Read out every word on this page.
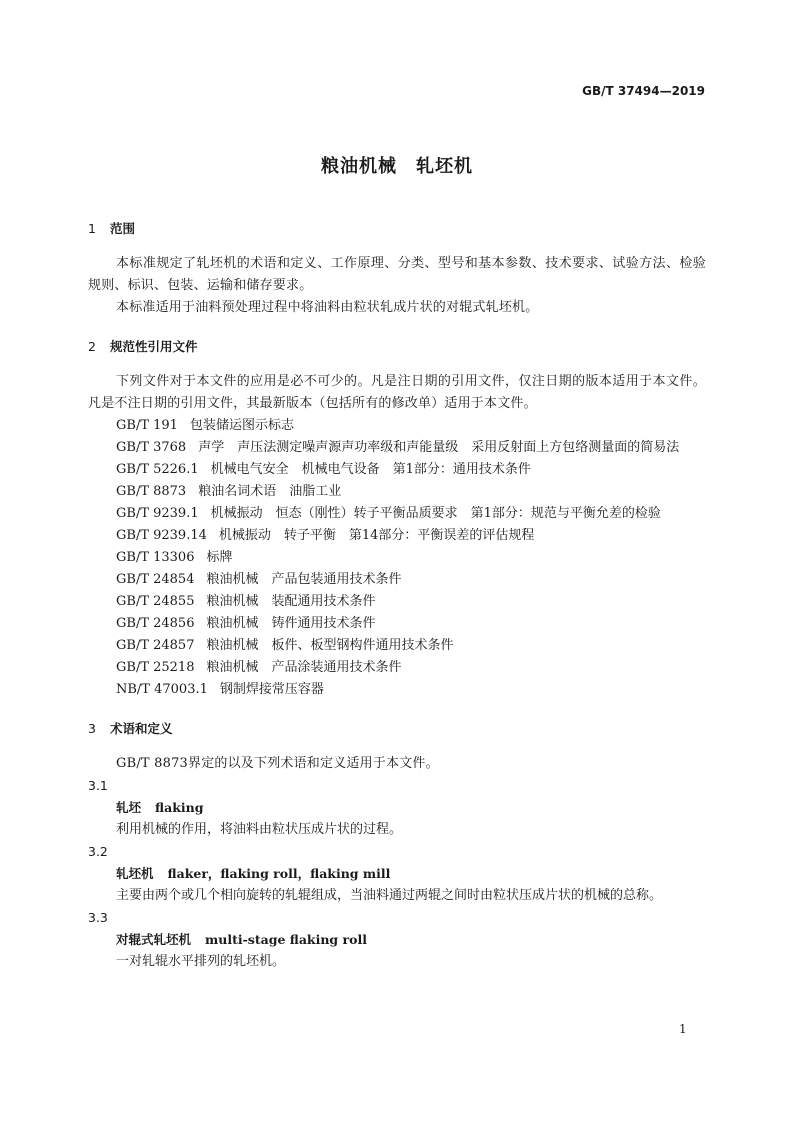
GB/T 37494—2019
粮油机械　轧坯机

1 范围

本标准规定了轧坯机的术语和定义、工作原理、分类、型号和基本参数、技术要求、试验方法、检验规则、标识、包装、运输和储存要求。

本标准适用于油料预处理过程中将油料由粒状轧成片状的对辊式轧坯机。

2 规范性引用文件

下列文件对于本文件的应用是必不可少的。凡是注日期的引用文件，仅注日期的版本适用于本文件。凡是不注日期的引用文件，其最新版本（包括所有的修改单）适用于本文件。

GB/T 191 包装储运图示标志

GB/T 3768 声学　声压法测定噪声源声功率级和声能量级　采用反射面上方包络测量面的简易法

GB/T 5226.1 机械电气安全　机械电气设备　第1部分：通用技术条件

GB/T 8873 粮油名词术语　油脂工业

GB/T 9239.1 机械振动　恒态（刚性）转子平衡品质要求　第1部分：规范与平衡允差的检验

GB/T 9239.14 机械振动　转子平衡　第14部分：平衡误差的评估规程

GB/T 13306 标牌

GB/T 24854 粮油机械　产品包装通用技术条件

GB/T 24855 粮油机械　装配通用技术条件

GB/T 24856 粮油机械　铸件通用技术条件

GB/T 24857 粮油机械　板件、板型钢构件通用技术条件

GB/T 25218 粮油机械　产品涂装通用技术条件

NB/T 47003.1 钢制焊接常压容器

3 术语和定义

GB/T 8873界定的以及下列术语和定义适用于本文件。

3.1

轧坯 flaking

利用机械的作用，将油料由粒状压成片状的过程。

3.2

轧坯机 flaker，flaking roll，flaking mill

主要由两个或几个相向旋转的轧辊组成，当油料通过两辊之间时由粒状压成片状的机械的总称。

3.3

对辊式轧坯机 multi-stage flaking roll

一对轧辊水平排列的轧坯机。

1
